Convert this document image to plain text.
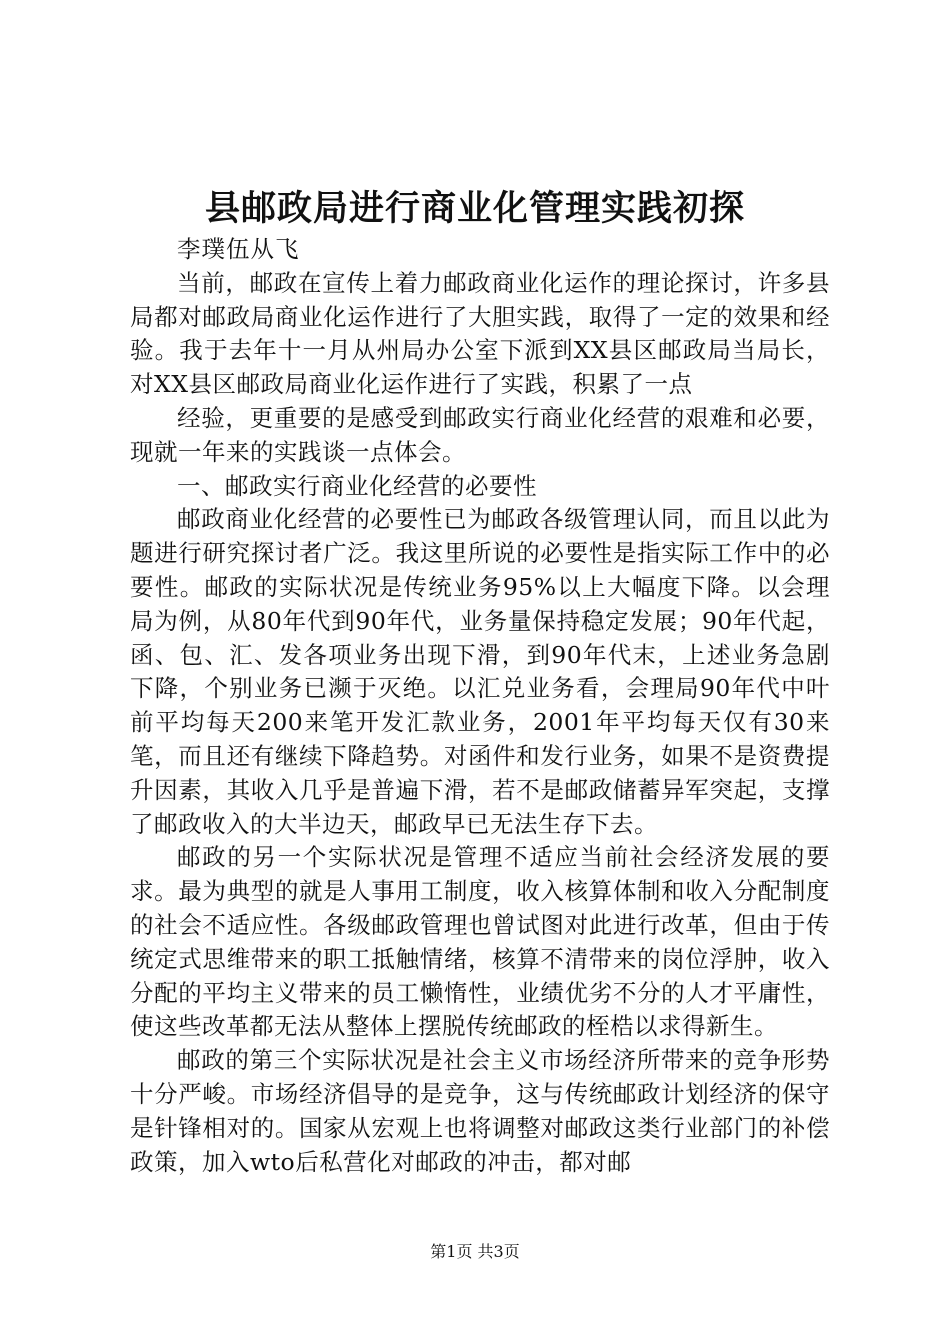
县邮政局进行商业化管理实践初探

李璞伍从飞

当前，邮政在宣传上着力邮政商业化运作的理论探讨，许多县局都对邮政局商业化运作进行了大胆实践，取得了一定的效果和经验。我于去年十一月从州局办公室下派到XX县区邮政局当局长，对XX县区邮政局商业化运作进行了实践，积累了一点

经验，更重要的是感受到邮政实行商业化经营的艰难和必要，现就一年来的实践谈一点体会。

一、邮政实行商业化经营的必要性

邮政商业化经营的必要性已为邮政各级管理认同，而且以此为题进行研究探讨者广泛。我这里所说的必要性是指实际工作中的必要性。邮政的实际状况是传统业务95%以上大幅度下降。以会理局为例，从80年代到90年代，业务量保持稳定发展；90年代起，函、包、汇、发各项业务出现下滑，到90年代末，上述业务急剧下降，个别业务已濒于灭绝。以汇兑业务看，会理局90年代中叶前平均每天200来笔开发汇款业务，2001年平均每天仅有30来笔，而且还有继续下降趋势。对函件和发行业务，如果不是资费提升因素，其收入几乎是普遍下滑，若不是邮政储蓄异军突起，支撑了邮政收入的大半边天，邮政早已无法生存下去。

邮政的另一个实际状况是管理不适应当前社会经济发展的要求。最为典型的就是人事用工制度，收入核算体制和收入分配制度的社会不适应性。各级邮政管理也曾试图对此进行改革，但由于传统定式思维带来的职工抵触情绪，核算不清带来的岗位浮肿，收入分配的平均主义带来的员工懒惰性，业绩优劣不分的人才平庸性，使这些改革都无法从整体上摆脱传统邮政的桎梏以求得新生。

邮政的第三个实际状况是社会主义市场经济所带来的竞争形势十分严峻。市场经济倡导的是竞争，这与传统邮政计划经济的保守是针锋相对的。国家从宏观上也将调整对邮政这类行业部门的补偿政策，加入wto后私营化对邮政的冲击，都对邮

第1页 共3页
